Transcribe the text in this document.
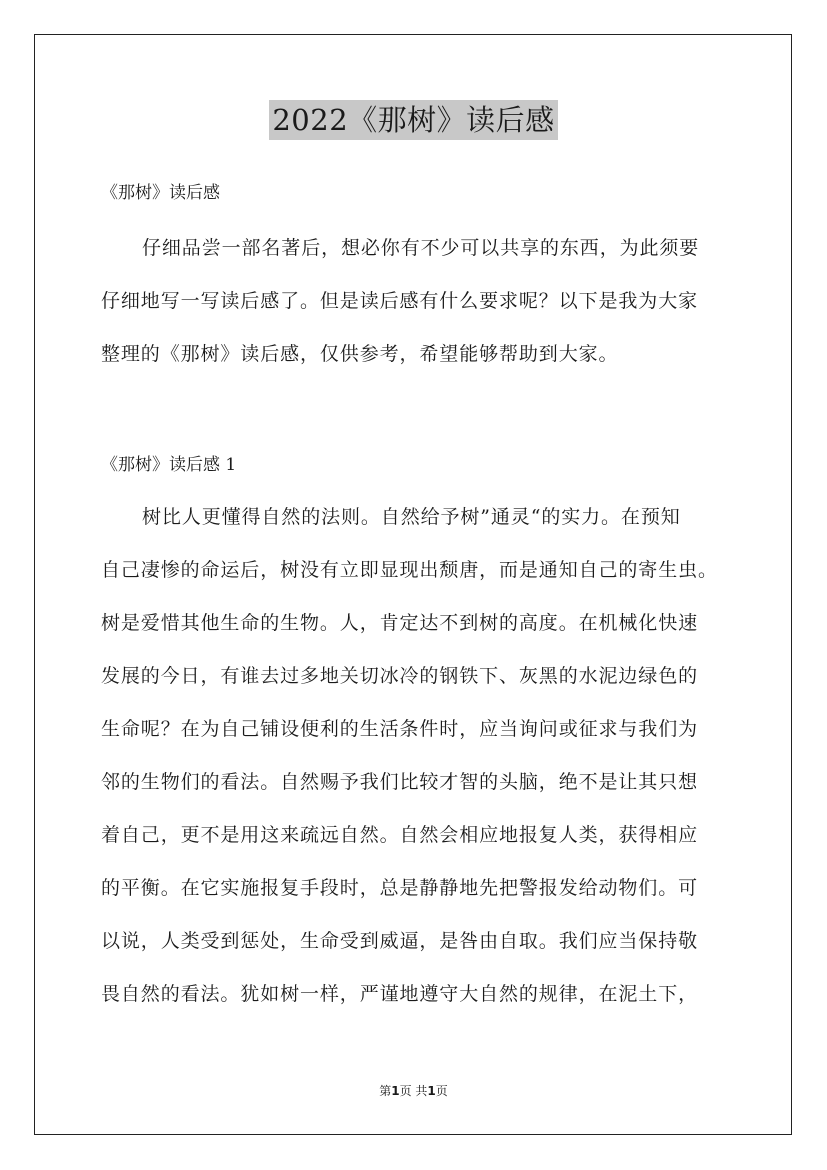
2022《那树》读后感
《那树》读后感
仔细品尝一部名著后，想必你有不少可以共享的东西，为此须要
仔细地写一写读后感了。但是读后感有什么要求呢？以下是我为大家
整理的《那树》读后感，仅供参考，希望能够帮助到大家。
《那树》读后感 1
树比人更懂得自然的法则。自然给予树”通灵“的实力。在预知
自己凄惨的命运后，树没有立即显现出颓唐，而是通知自己的寄生虫。
树是爱惜其他生命的生物。人，肯定达不到树的高度。在机械化快速
发展的今日，有谁去过多地关切冰冷的钢铁下、灰黑的水泥边绿色的
生命呢？在为自己铺设便利的生活条件时，应当询问或征求与我们为
邻的生物们的看法。自然赐予我们比较才智的头脑，绝不是让其只想
着自己，更不是用这来疏远自然。自然会相应地报复人类，获得相应
的平衡。在它实施报复手段时，总是静静地先把警报发给动物们。可
以说，人类受到惩处，生命受到威逼，是咎由自取。我们应当保持敬
畏自然的看法。犹如树一样，严谨地遵守大自然的规律，在泥土下，
第1页 共1页
